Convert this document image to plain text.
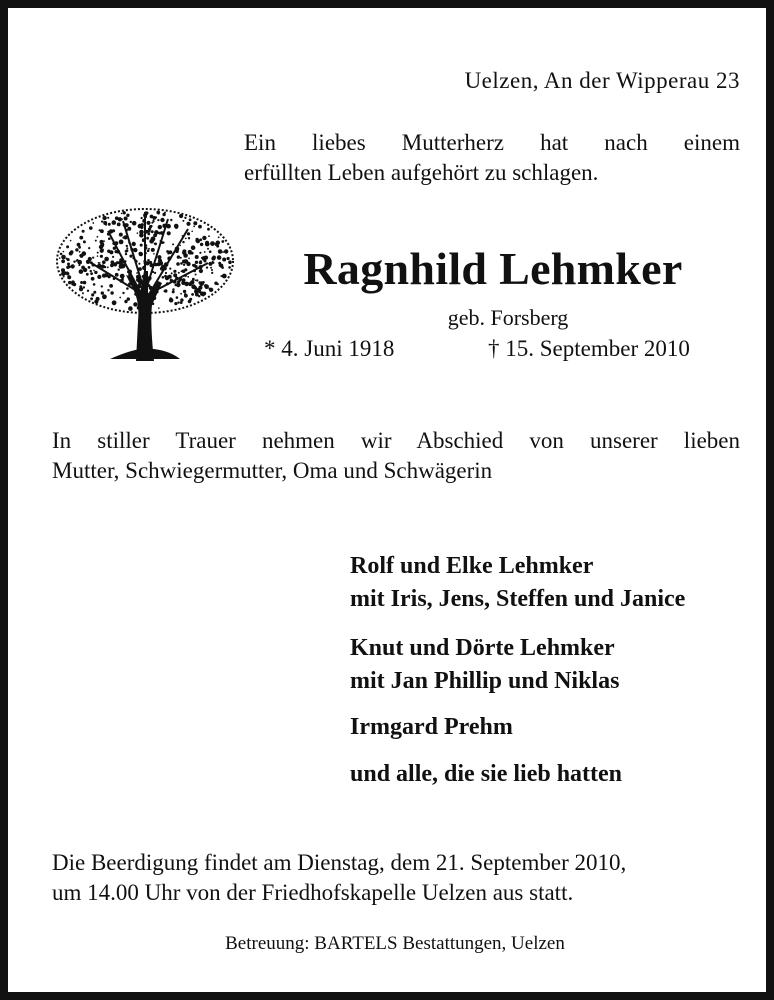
Uelzen, An der Wipperau 23
Ein liebes Mutterherz hat nach einem
erfüllten Leben aufgehört zu schlagen.
Ragnhild Lehmker
geb. Forsberg
* 4. Juni 1918	† 15. September 2010
In stiller Trauer nehmen wir Abschied von unserer lieben
Mutter, Schwiegermutter, Oma und Schwägerin
Rolf und Elke Lehmker
mit Iris, Jens, Steffen und Janice
Knut und Dörte Lehmker
mit Jan Phillip und Niklas
Irmgard Prehm
und alle, die sie lieb hatten
Die Beerdigung findet am Dienstag, dem 21. September 2010,
um 14.00 Uhr von der Friedhofskapelle Uelzen aus statt.
Betreuung: BARTELS Bestattungen, Uelzen
